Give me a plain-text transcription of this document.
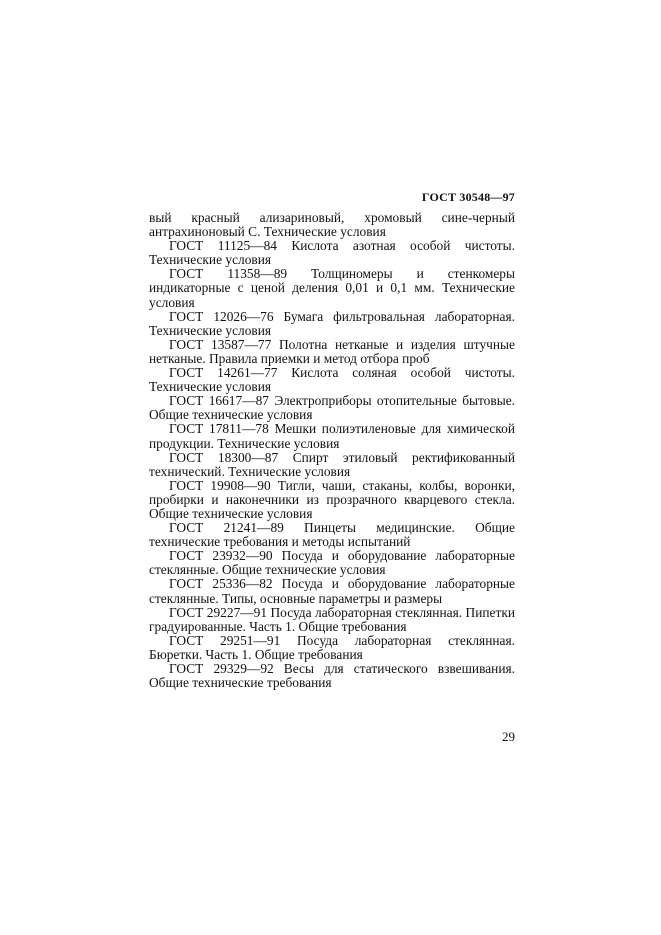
ГОСТ 30548—97

вый красный ализариновый, хромовый сине-черный антрахиноновый С. Технические условия

ГОСТ 11125—84 Кислота азотная особой чистоты. Технические условия

ГОСТ 11358—89 Толщиномеры и стенкомеры индикаторные с ценой деления 0,01 и 0,1 мм. Технические условия

ГОСТ 12026—76 Бумага фильтровальная лабораторная. Технические условия

ГОСТ 13587—77 Полотна нетканые и изделия штучные нетканые. Правила приемки и метод отбора проб

ГОСТ 14261—77 Кислота соляная особой чистоты. Технические условия

ГОСТ 16617—87 Электроприборы отопительные бытовые. Общие технические условия

ГОСТ 17811—78 Мешки полиэтиленовые для химической продукции. Технические условия

ГОСТ 18300—87 Спирт этиловый ректификованный технический. Технические условия

ГОСТ 19908—90 Тигли, чаши, стаканы, колбы, воронки, пробирки и наконечники из прозрачного кварцевого стекла. Общие технические условия

ГОСТ 21241—89 Пинцеты медицинские. Общие технические требования и методы испытаний

ГОСТ 23932—90 Посуда и оборудование лабораторные стеклянные. Общие технические условия

ГОСТ 25336—82 Посуда и оборудование лабораторные стеклянные. Типы, основные параметры и размеры

ГОСТ 29227—91 Посуда лабораторная стеклянная. Пипетки градуированные. Часть 1. Общие требования

ГОСТ 29251—91 Посуда лабораторная стеклянная. Бюретки. Часть 1. Общие требования

ГОСТ 29329—92 Весы для статического взвешивания. Общие технические требования

29
